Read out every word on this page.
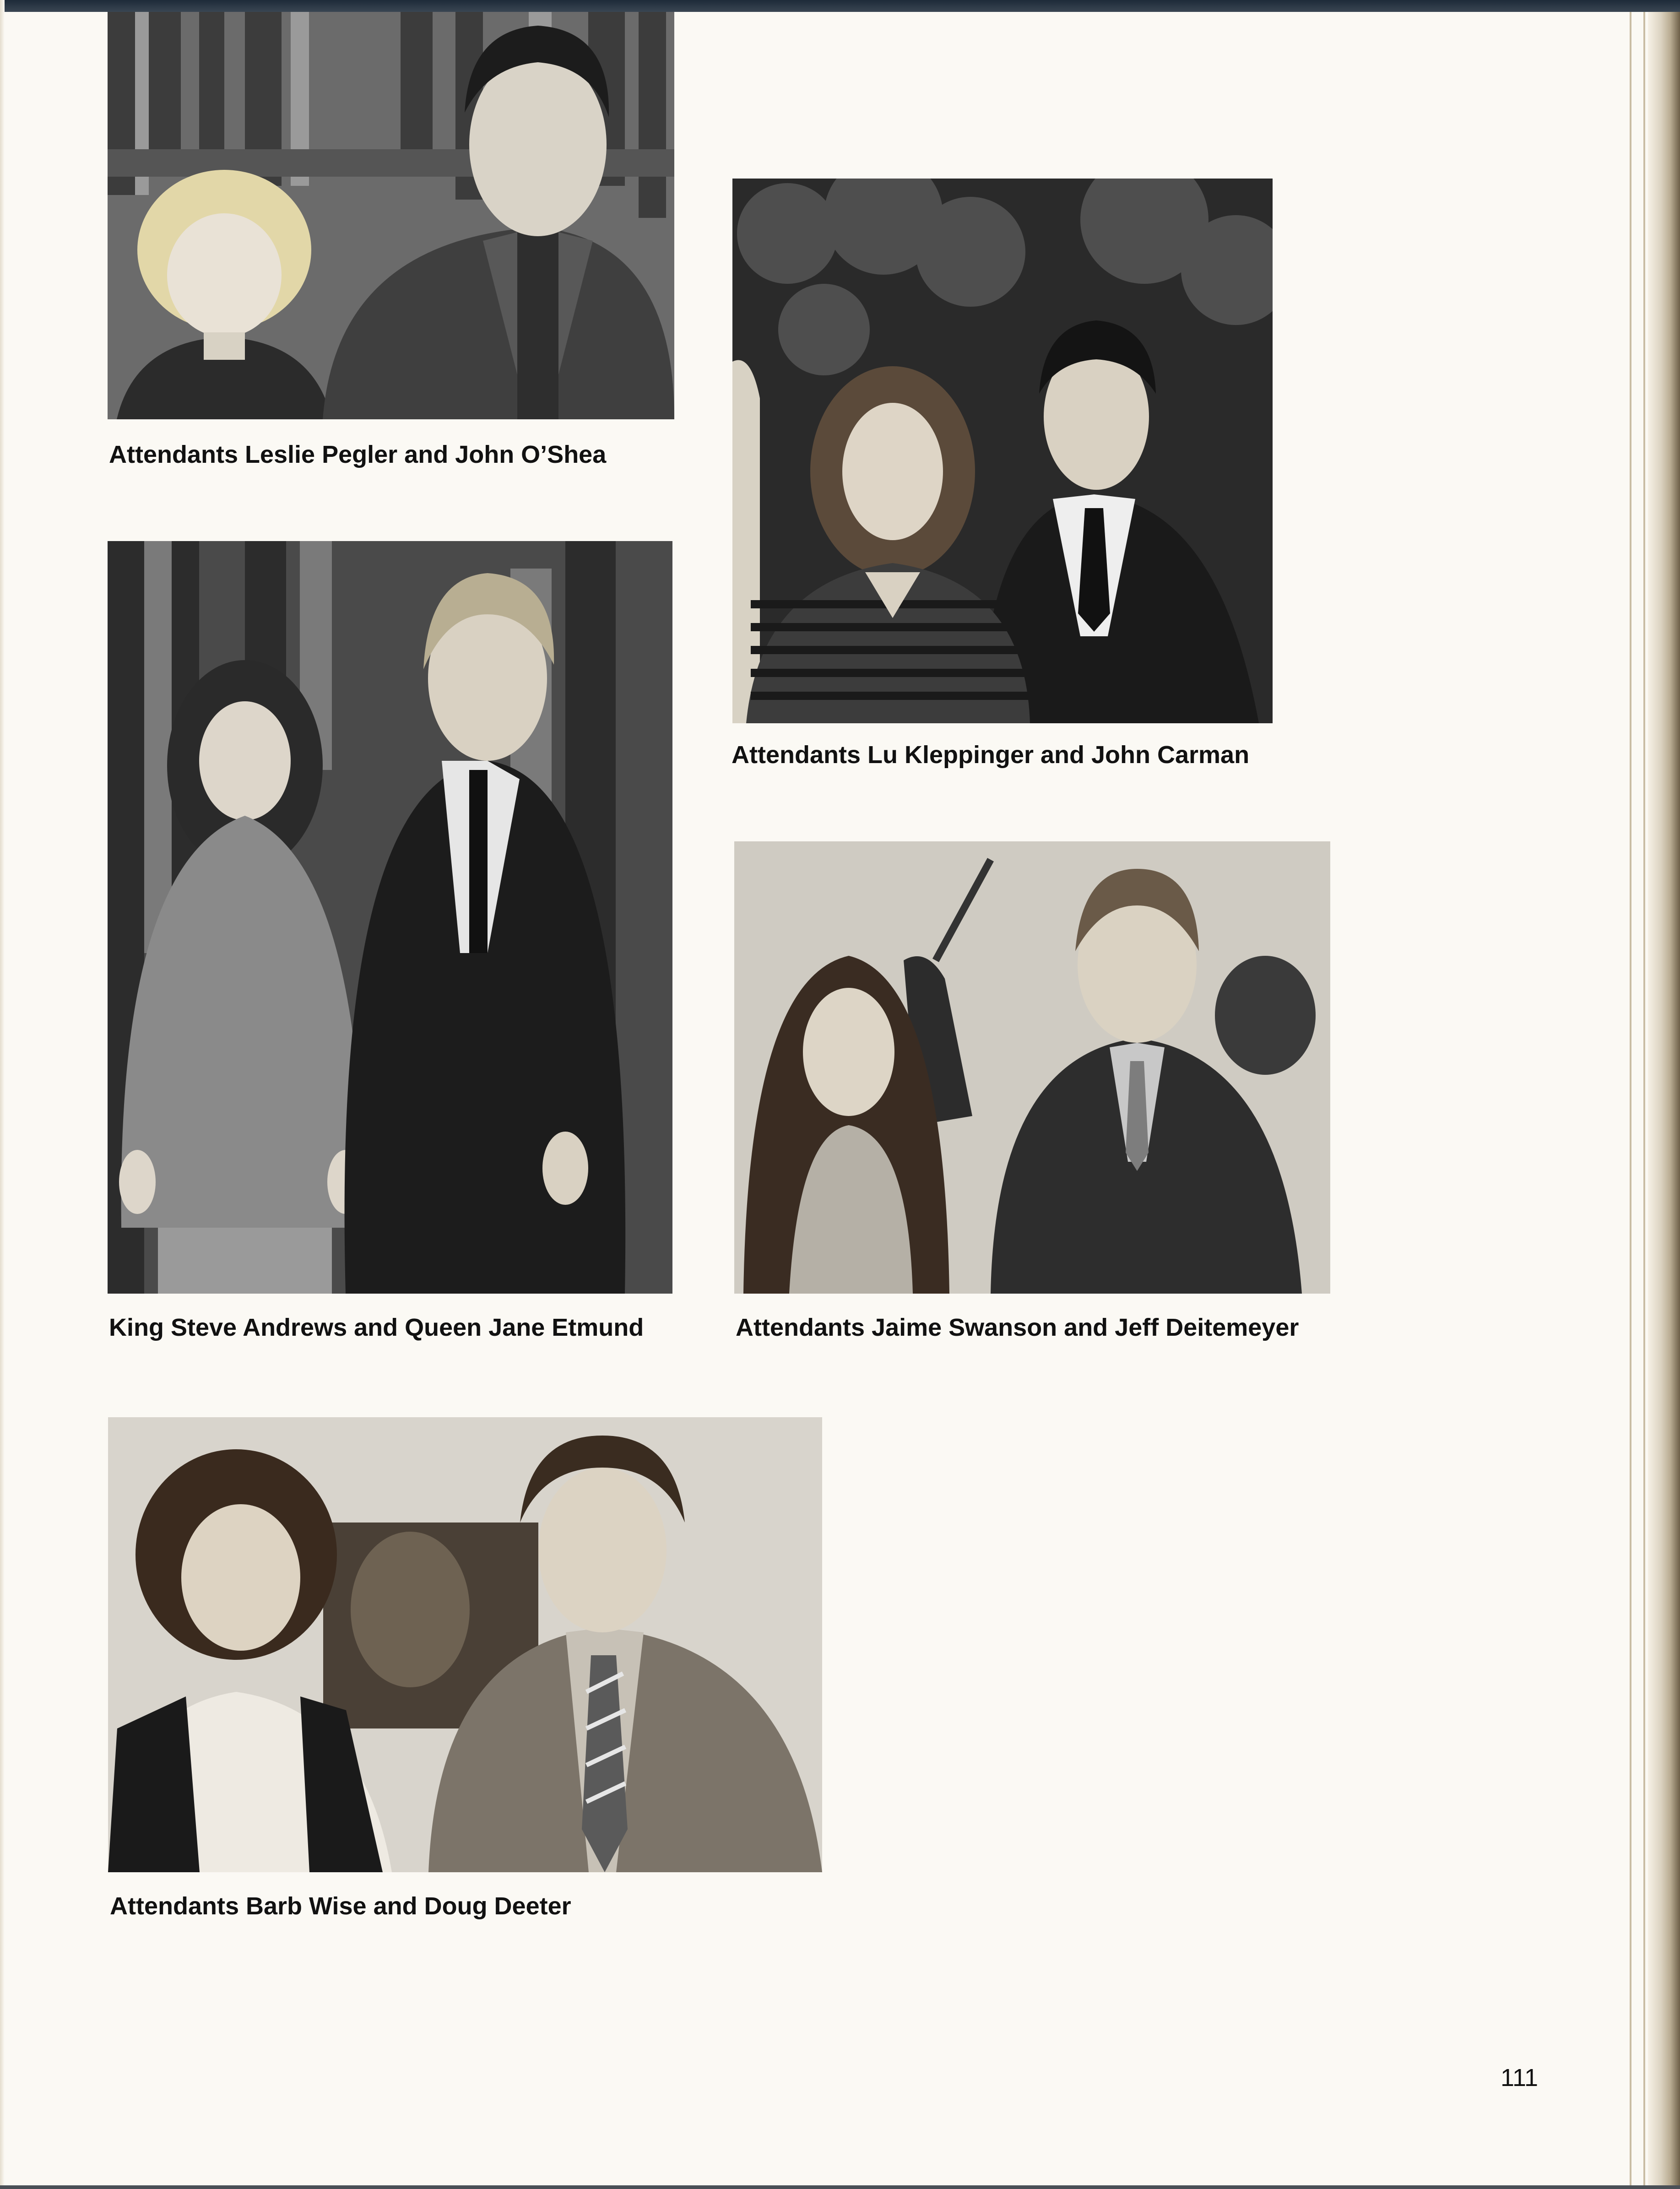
Attendants Leslie Pegler and John O’Shea
Attendants Lu Kleppinger and John Carman
King Steve Andrews and Queen Jane Etmund	Attendants Jaime Swanson and Jeff Deitemeyer
Attendants Barb Wise and Doug Deeter
111
